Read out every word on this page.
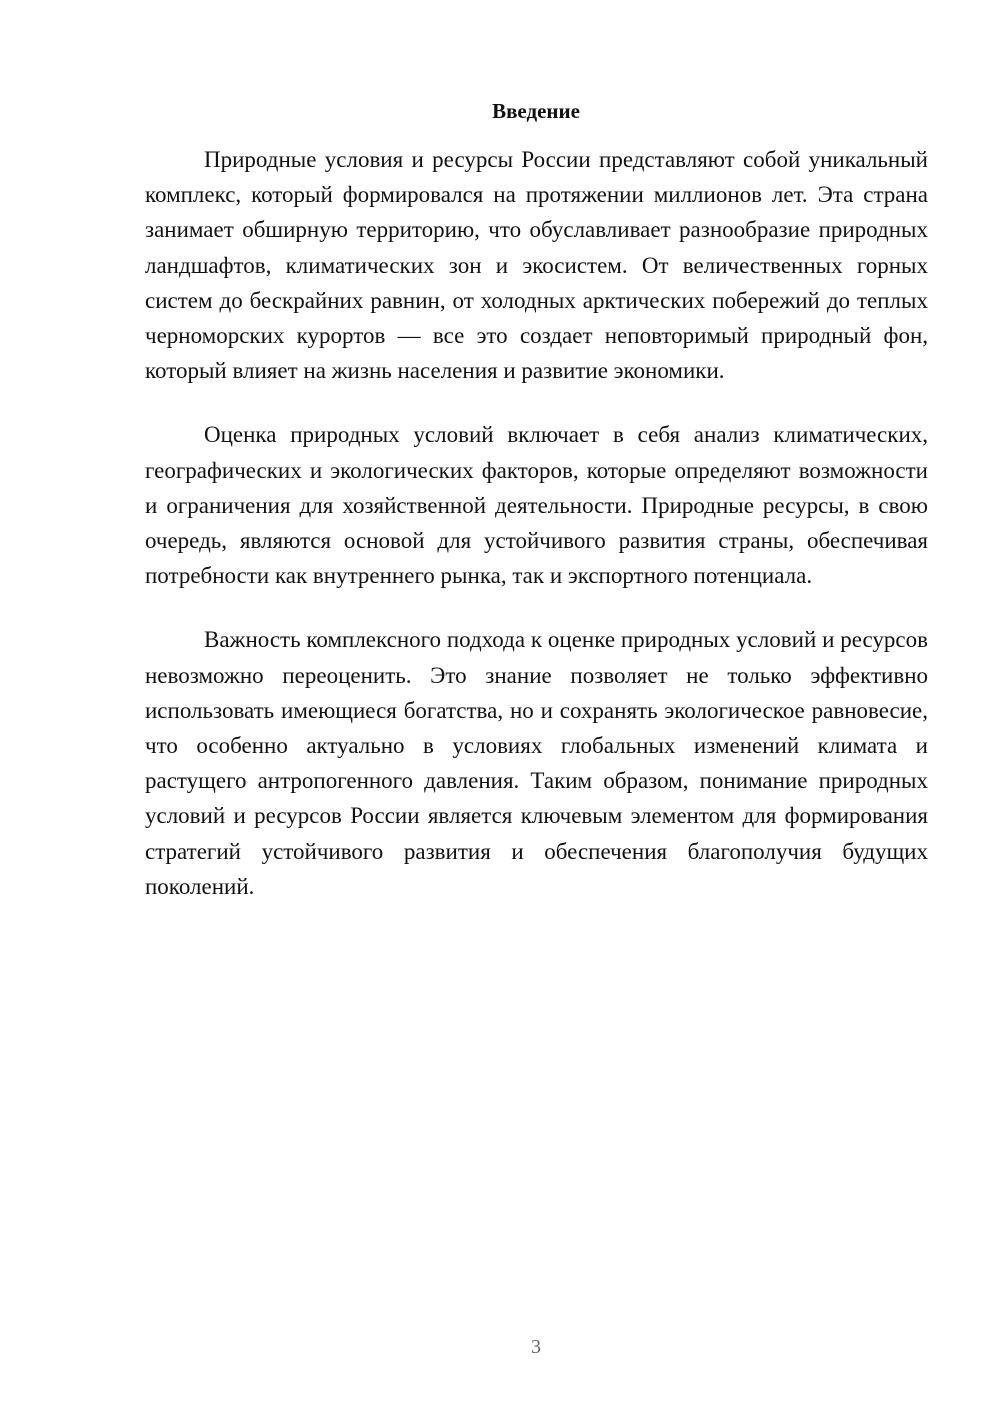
Введение

Природные условия и ресурсы России представляют собой уникальный комплекс, который формировался на протяжении миллионов лет. Эта страна занимает обширную территорию, что обуславливает разнообразие природных ландшафтов, климатических зон и экосистем. От величественных горных систем до бескрайних равнин, от холодных арктических побережий до теплых черноморских курортов — все это создает неповторимый природный фон, который влияет на жизнь населения и развитие экономики.

Оценка природных условий включает в себя анализ климатических, географических и экологических факторов, которые определяют возможности и ограничения для хозяйственной деятельности. Природные ресурсы, в свою очередь, являются основой для устойчивого развития страны, обеспечивая потребности как внутреннего рынка, так и экспортного потенциала.

Важность комплексного подхода к оценке природных условий и ресурсов невозможно переоценить. Это знание позволяет не только эффективно использовать имеющиеся богатства, но и сохранять экологическое равновесие, что особенно актуально в условиях глобальных изменений климата и растущего антропогенного давления. Таким образом, понимание природных условий и ресурсов России является ключевым элементом для формирования стратегий устойчивого развития и обеспечения благополучия будущих поколений.

3
